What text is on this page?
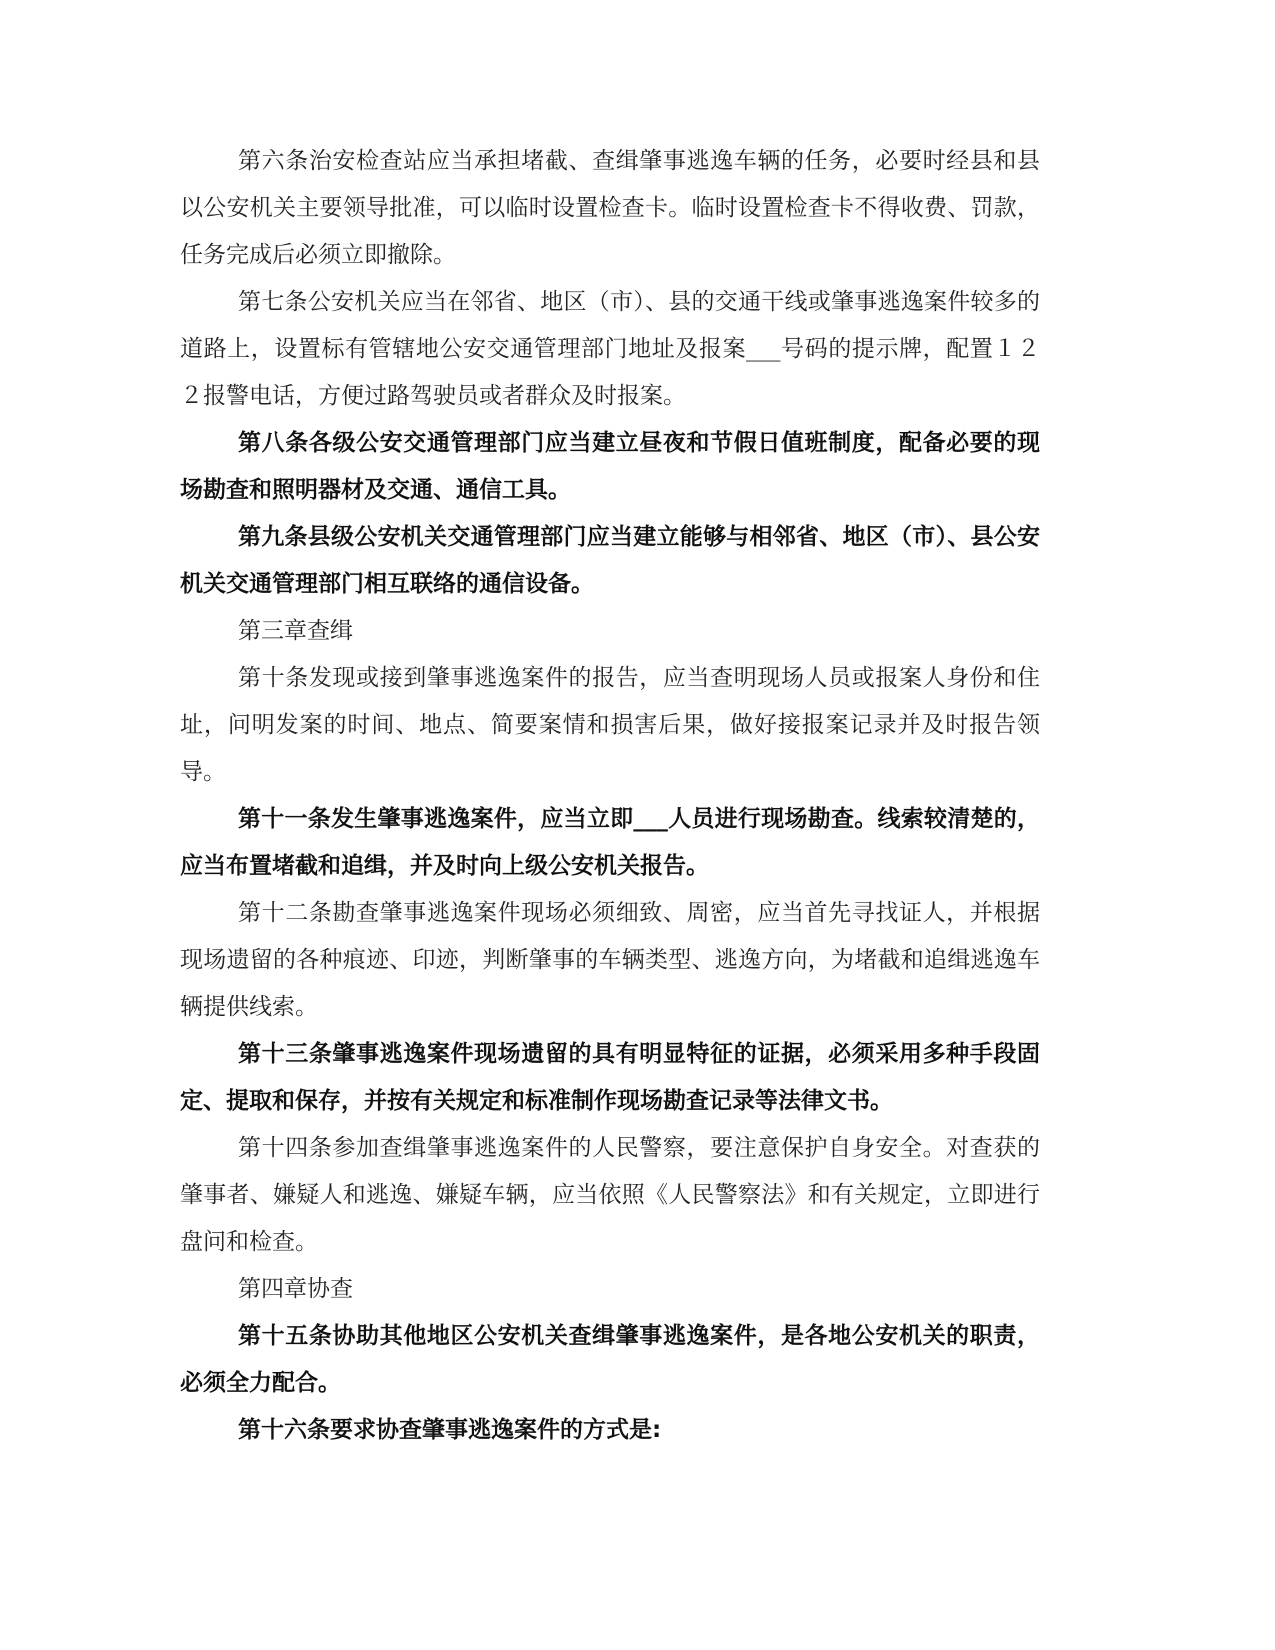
第六条治安检查站应当承担堵截、查缉肇事逃逸车辆的任务，必要时经县和县以公安机关主要领导批准，可以临时设置检查卡。临时设置检查卡不得收费、罚款，任务完成后必须立即撤除。

第七条公安机关应当在邻省、地区（市）、县的交通干线或肇事逃逸案件较多的道路上，设置标有管辖地公安交通管理部门地址及报案___号码的提示牌，配置１２２报警电话，方便过路驾驶员或者群众及时报案。

第八条各级公安交通管理部门应当建立昼夜和节假日值班制度，配备必要的现场勘查和照明器材及交通、通信工具。

第九条县级公安机关交通管理部门应当建立能够与相邻省、地区（市）、县公安机关交通管理部门相互联络的通信设备。

第三章查缉

第十条发现或接到肇事逃逸案件的报告，应当查明现场人员或报案人身份和住址，问明发案的时间、地点、简要案情和损害后果，做好接报案记录并及时报告领导。

第十一条发生肇事逃逸案件，应当立即___人员进行现场勘查。线索较清楚的，应当布置堵截和追缉，并及时向上级公安机关报告。

第十二条勘查肇事逃逸案件现场必须细致、周密，应当首先寻找证人，并根据现场遗留的各种痕迹、印迹，判断肇事的车辆类型、逃逸方向，为堵截和追缉逃逸车辆提供线索。

第十三条肇事逃逸案件现场遗留的具有明显特征的证据，必须采用多种手段固定、提取和保存，并按有关规定和标准制作现场勘查记录等法律文书。

第十四条参加查缉肇事逃逸案件的人民警察，要注意保护自身安全。对查获的肇事者、嫌疑人和逃逸、嫌疑车辆，应当依照《人民警察法》和有关规定，立即进行盘问和检查。

第四章协查

第十五条协助其他地区公安机关查缉肇事逃逸案件，是各地公安机关的职责，必须全力配合。

第十六条要求协查肇事逃逸案件的方式是:
